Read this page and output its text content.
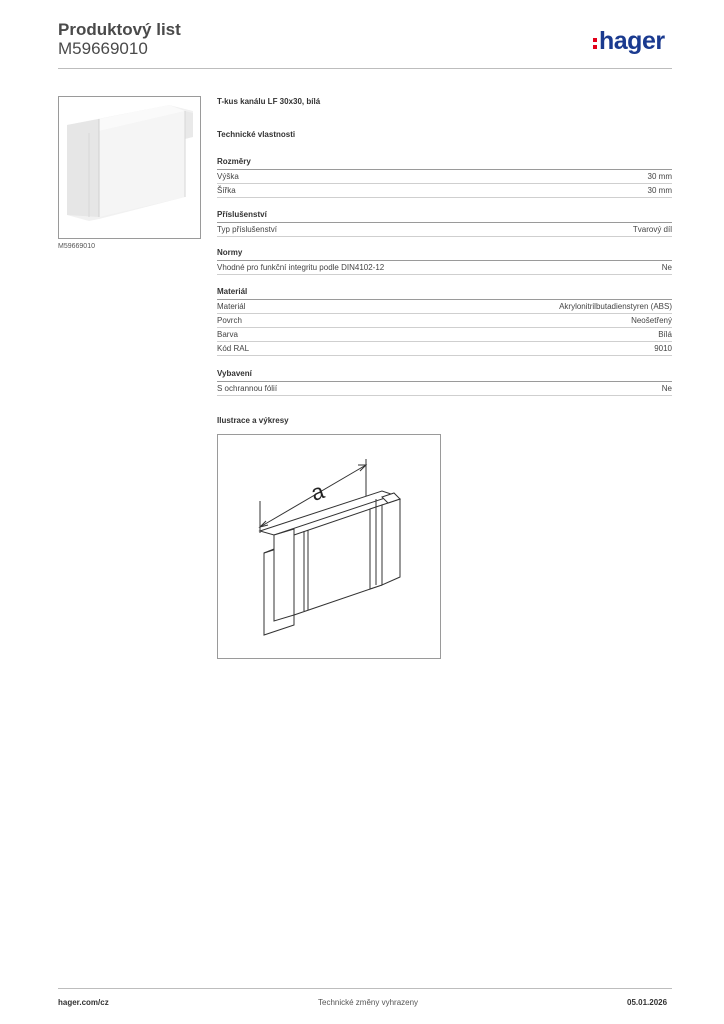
Produktový list
M59669010	hager
M59669010
T-kus kanálu LF 30x30, bílá
Technické vlastnosti
Rozměry
Výška	30 mm
Šířka	30 mm
Příslušenství
Typ příslušenství	Tvarový díl
Normy
Vhodné pro funkční integritu podle DIN4102-12	Ne
Materiál
Materiál	Akrylonitrilbutadienstyren (ABS)
Povrch	Neošetřený
Barva	Bílá
Kód RAL	9010
Vybavení
S ochrannou fólií	Ne
Ilustrace a výkresy
a
hager.com/cz	Technické změny vyhrazeny	05.01.2026
